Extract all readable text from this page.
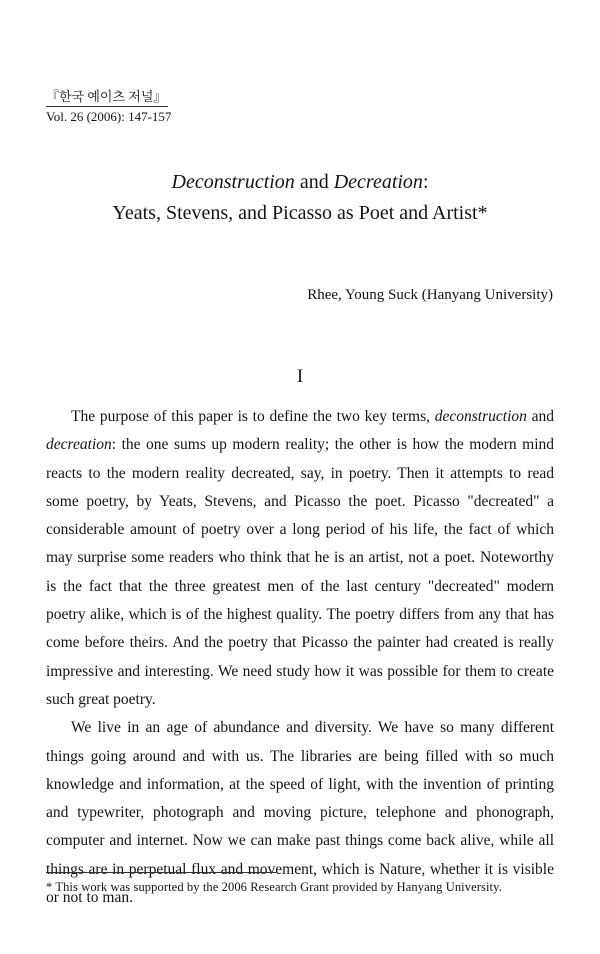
『한국 예이츠 저널』
Vol. 26 (2006): 147-157
Deconstruction and Decreation:
Yeats, Stevens, and Picasso as Poet and Artist*
Rhee, Young Suck (Hanyang University)
I

The purpose of this paper is to define the two key terms, deconstruction and decreation: the one sums up modern reality; the other is how the modern mind reacts to the modern reality decreated, say, in poetry. Then it attempts to read some poetry, by Yeats, Stevens, and Picasso the poet. Picasso "decreated" a considerable amount of poetry over a long period of his life, the fact of which may surprise some readers who think that he is an artist, not a poet. Noteworthy is the fact that the three greatest men of the last century "decreated" modern poetry alike, which is of the highest quality. The poetry differs from any that has come before theirs. And the poetry that Picasso the painter had created is really impressive and interesting. We need study how it was possible for them to create such great poetry.

We live in an age of abundance and diversity. We have so many different things going around and with us. The libraries are being filled with so much knowledge and information, at the speed of light, with the invention of printing and typewriter, photograph and moving picture, telephone and phonograph, computer and internet. Now we can make past things come back alive, while all things are in perpetual flux and movement, which is Nature, whether it is visible or not to man.

* This work was supported by the 2006 Research Grant provided by Hanyang University.
